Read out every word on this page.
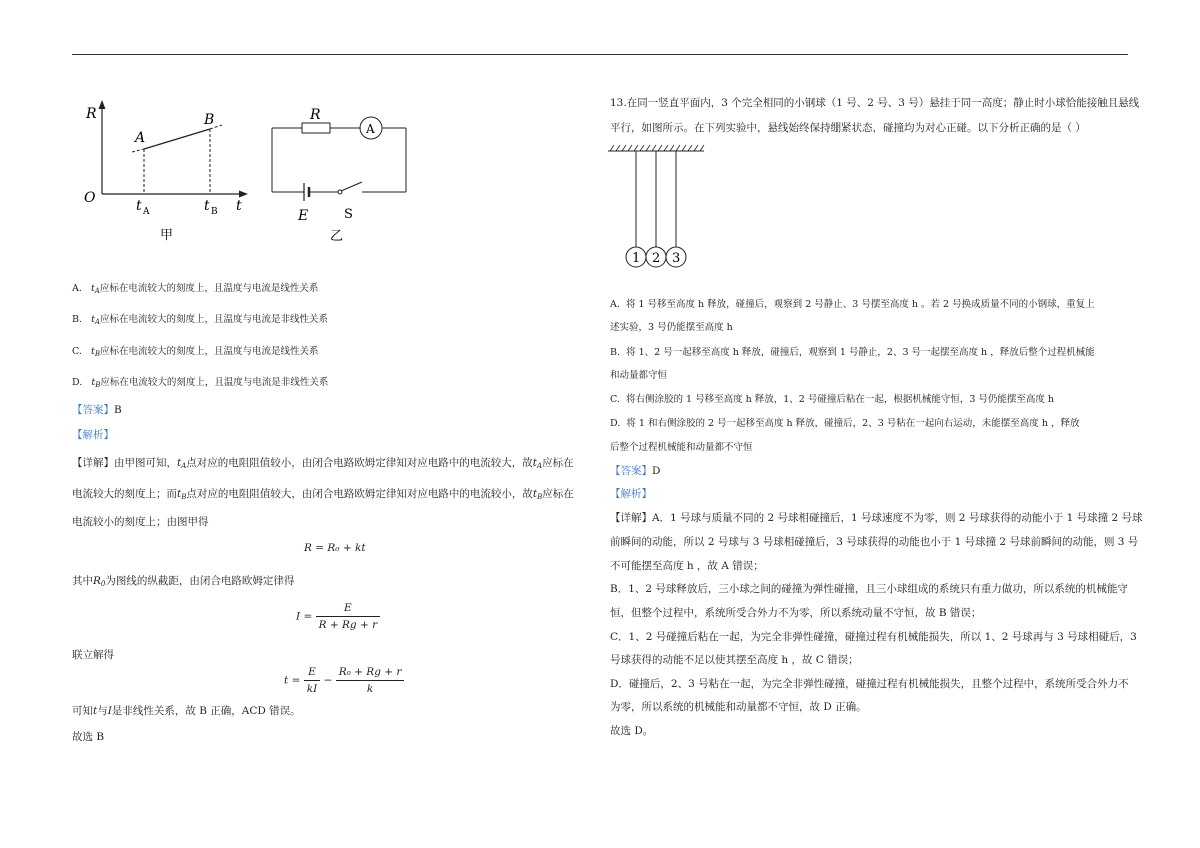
R
O	t
A
B
t A	t B
甲
R
A
E	S
乙
A. $t_A$应标在电流较大的刻度上，且温度与电流是线性关系
B. $t_A$应标在电流较大的刻度上，且温度与电流是非线性关系
C. $t_B$应标在电流较大的刻度上，且温度与电流是线性关系
D. $t_B$应标在电流较大的刻度上，且温度与电流是非线性关系
【答案】B
【解析】
【详解】由甲图可知，$t_A$点对应的电阻阻值较小，由闭合电路欧姆定律知对应电路中的电流较大，故$t_A$应标在
电流较大的刻度上；而$t_B$点对应的电阻阻值较大，由闭合电路欧姆定律知对应电路中的电流较小，故$t_B$应标在
电流较小的刻度上；由图甲得
R = R₀ + kt
其中$R_0$为图线的纵截距，由闭合电路欧姆定律得
$I = \frac{E}{R + Rg + r}$
联立解得
$t = \frac{E}{kI} - \frac{\text{R₀ + Rg + r}}{k}$
可知t与I是非线性关系，故 B 正确，ACD 错误。
故选 B
13.在同一竖直平面内，3 个完全相同的小钢球（1 号、2 号、3 号）悬挂于同一高度；静止时小球恰能接触且悬线
平行，如图所示。在下列实验中，悬线始终保持绷紧状态，碰撞均为对心正碰。以下分析正确的是（ ）
1 2 3
A. 将 1 号移至高度 h 释放，碰撞后，观察到 2 号静止、3 号摆至高度 h 。若 2 号换成质量不同的小钢球，重复上
述实验，3 号仍能摆至高度 h
B. 将 1、2 号一起移至高度 h 释放，碰撞后，观察到 1 号静止，2、3 号一起摆至高度 h ，释放后整个过程机械能
和动量都守恒
C. 将右侧涂胶的 1 号移至高度 h 释放，1、2 号碰撞后粘在一起，根据机械能守恒，3 号仍能摆至高度 h
D. 将 1 和右侧涂胶的 2 号一起移至高度 h 释放，碰撞后，2、3 号粘在一起向右运动，未能摆至高度 h ，释放
后整个过程机械能和动量都不守恒
【答案】D
【解析】
【详解】A．1 号球与质量不同的 2 号球相碰撞后，1 号球速度不为零，则 2 号球获得的动能小于 1 号球撞 2 号球
前瞬间的动能，所以 2 号球与 3 号球相碰撞后，3 号球获得的动能也小于 1 号球撞 2 号球前瞬间的动能，则 3 号
不可能摆至高度 h ，故 A 错误；
B．1、2 号球释放后，三小球之间的碰撞为弹性碰撞，且三小球组成的系统只有重力做功，所以系统的机械能守
恒，但整个过程中，系统所受合外力不为零，所以系统动量不守恒，故 B 错误；
C．1、2 号碰撞后粘在一起，为完全非弹性碰撞，碰撞过程有机械能损失，所以 1、2 号球再与 3 号球相碰后，3
号球获得的动能不足以使其摆至高度 h ，故 C 错误；
D．碰撞后，2、3 号粘在一起，为完全非弹性碰撞，碰撞过程有机械能损失，且整个过程中，系统所受合外力不
为零，所以系统的机械能和动量都不守恒，故 D 正确。
故选 D。
